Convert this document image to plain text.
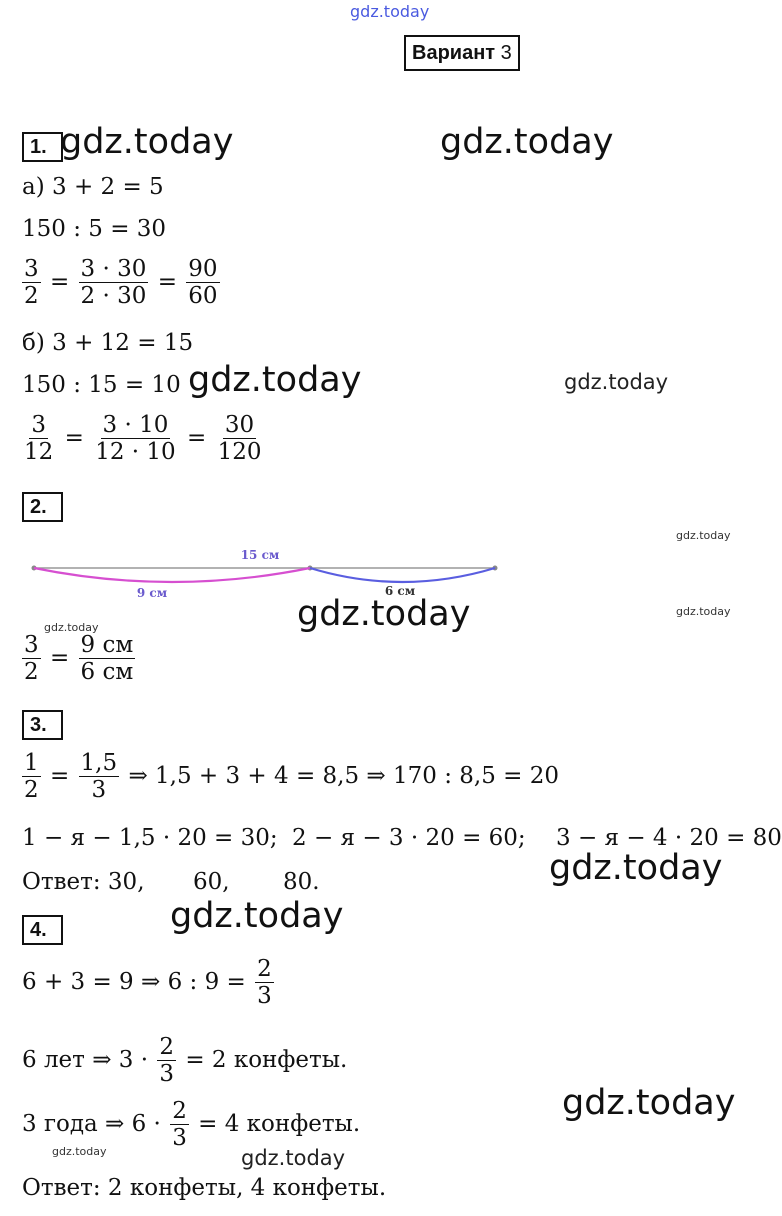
gdz.today
Вариант 3
1. gdz.today	gdz.today
а) 3 + 2 = 5
150 : 5 = 30
$\frac{3}{2} = \frac{3 \cdot 30}{2 \cdot 30} = \frac{90}{60}$
б) 3 + 12 = 15
150 : 15 = 10 gdz.today	gdz.today
$\frac{3}{12} = \frac{3 \cdot 10}{12 \cdot 10} = \frac{30}{120}$
2.
gdz.today
15 см
9 см	6 см
gdz.today	gdz.today
gdz.today
$\frac{3}{2} = \frac{9 см}{6 см}$
3.
$\frac{1}{2} = \frac{1,5}{3}$ ⇒ 1,5 + 3 + 4 = 8,5 ⇒ 170 : 8,5 = 20
1 − я − 1,5 · 20 = 30; 2 − я − 3 · 20 = 60; 3 − я − 4 · 20 = 80
gdz.today
Ответ: 30, 60, 80.
gdz.today
4.
6 + 3 = 9 ⇒ 6 : $9 = \frac{2}{3}$
6 лет ⇒ $3 \cdot \frac{2}{3} = 2$ конфеты.
gdz.today
3 года ⇒ $6 \cdot \frac{2}{3} = 4$ конфеты.
gdz.today	gdz.today
Ответ: 2 конфеты, 4 конфеты.
